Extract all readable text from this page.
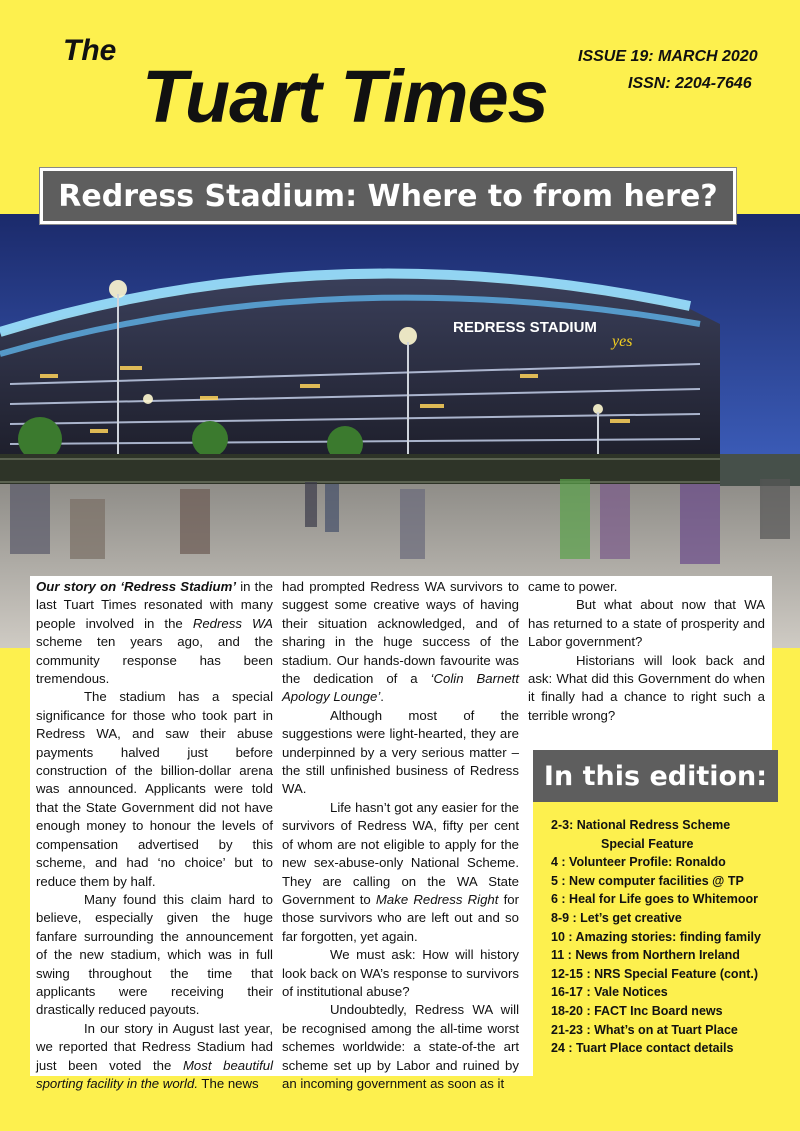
The
Tuart Times ISSUE 19: MARCH 2020
ISSN: 2204-7646
REDRESS STADIUM
yes
Redress Stadium: Where to from here?

Our story on ‘Redress Stadium’ in the last Tuart Times resonated with many people involved in the Redress WA scheme ten years ago, and the community response has been tremendous.

The stadium has a special significance for those who took part in Redress WA, and saw their abuse payments halved just before construction of the billion-dollar arena was announced. Applicants were told that the State Government did not have enough money to honour the levels of compensation advertised by this scheme, and had ‘no choice’ but to reduce them by half.

Many found this claim hard to believe, especially given the huge fanfare surrounding the announcement of the new stadium, which was in full swing throughout the time that applicants were receiving their drastically reduced payouts.

In our story in August last year, we reported that Redress Stadium had just been voted the Most beautiful sporting facility in the world. The news

had prompted Redress WA survivors to suggest some creative ways of having their situation acknowledged, and of sharing in the huge success of the stadium. Our hands-down favourite was the dedication of a ‘Colin Barnett Apology Lounge’.

Although most of the suggestions were light-hearted, they are underpinned by a very serious matter – the still unfinished business of Redress WA.

Life hasn’t got any easier for the survivors of Redress WA, fifty per cent of whom are not eligible to apply for the new sex-abuse-only National Scheme. They are calling on the WA State Government to Make Redress Right for those survivors who are left out and so far forgotten, yet again.

We must ask: How will history look back on WA’s response to survivors of institutional abuse?

Undoubtedly, Redress WA will be recognised among the all-time worst schemes worldwide: a state-of-the art scheme set up by Labor and ruined by an incoming government as soon as it

came to power.

But what about now that WA has returned to a state of prosperity and Labor government?

Historians will look back and ask: What did this Government do when it finally had a chance to right such a terrible wrong?

In this edition:
2-3: National Redress Scheme
Special Feature
4 : Volunteer Profile: Ronaldo
5 : New computer facilities @ TP
6 : Heal for Life goes to Whitemoor
8-9 : Let’s get creative
10 : Amazing stories: finding family
11 : News from Northern Ireland
12-15 : NRS Special Feature (cont.)
16-17 : Vale Notices
18-20 : FACT Inc Board news
21-23 : What’s on at Tuart Place
24 : Tuart Place contact details
